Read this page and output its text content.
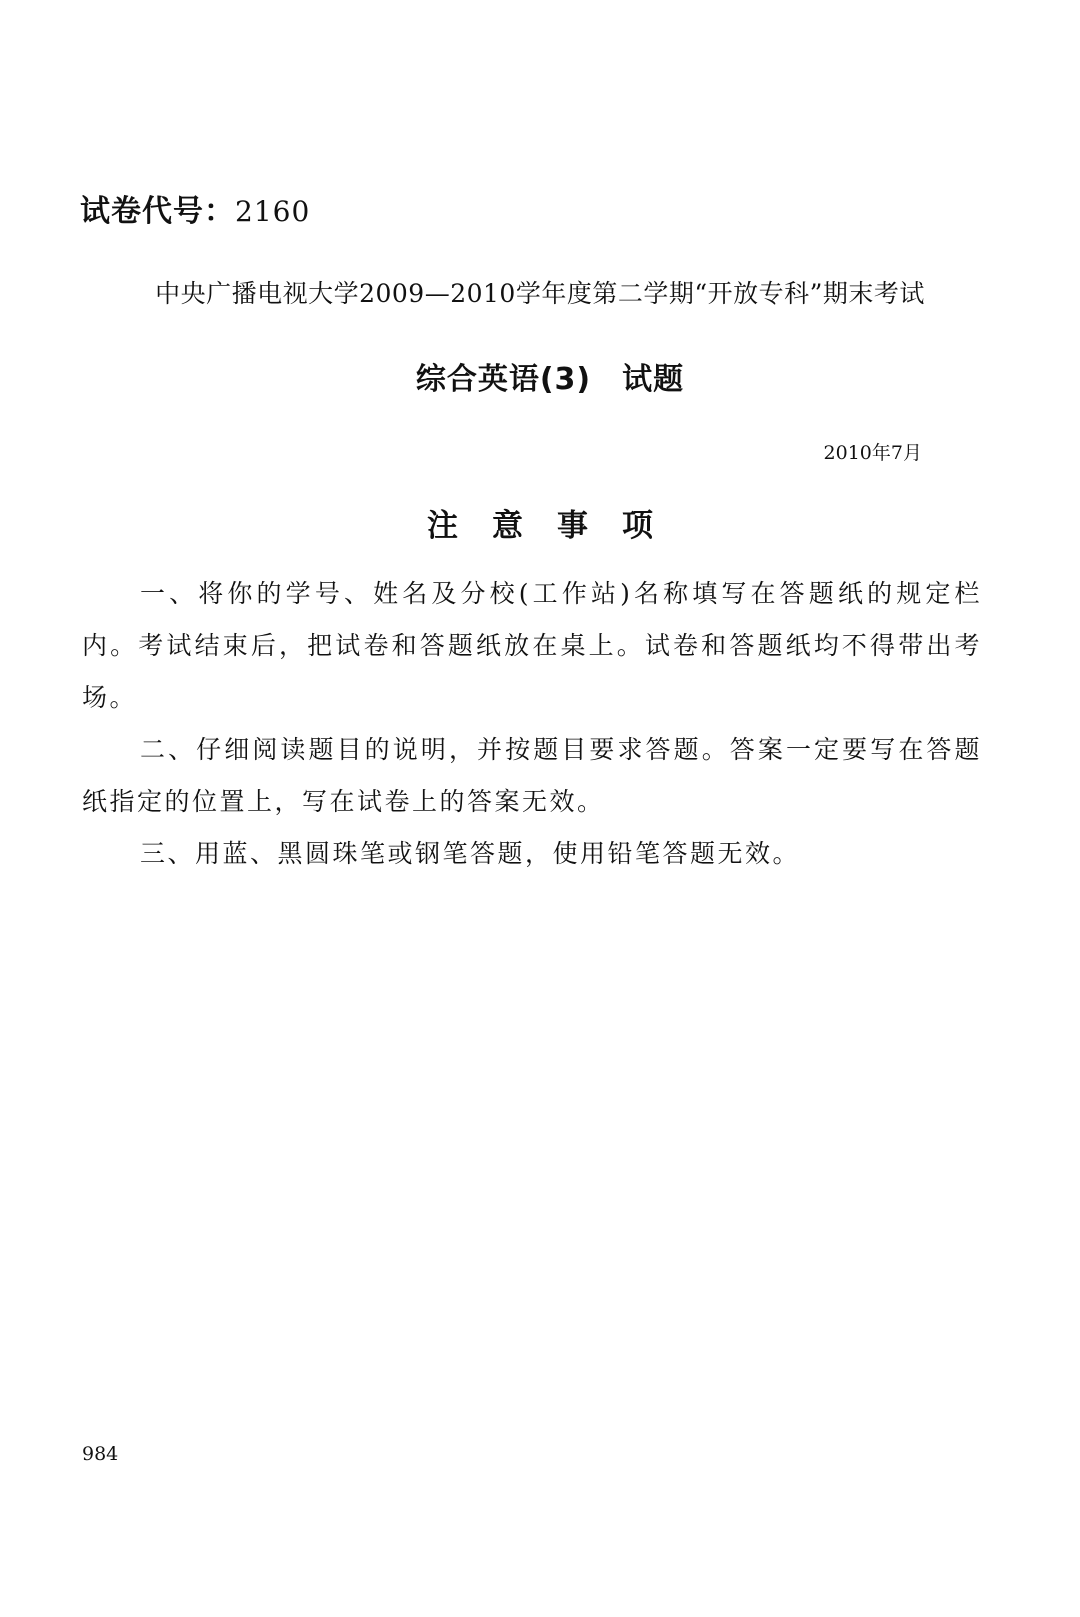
试卷代号：2160
中央广播电视大学2009—2010学年度第二学期“开放专科”期末考试
综合英语(3)　试题
2010年7月
注意事项

一、将你的学号、姓名及分校(工作站)名称填写在答题纸的规定栏内。考试结束后，把试卷和答题纸放在桌上。试卷和答题纸均不得带出考场。

二、仔细阅读题目的说明，并按题目要求答题。答案一定要写在答题纸指定的位置上，写在试卷上的答案无效。

三、用蓝、黑圆珠笔或钢笔答题，使用铅笔答题无效。

984
